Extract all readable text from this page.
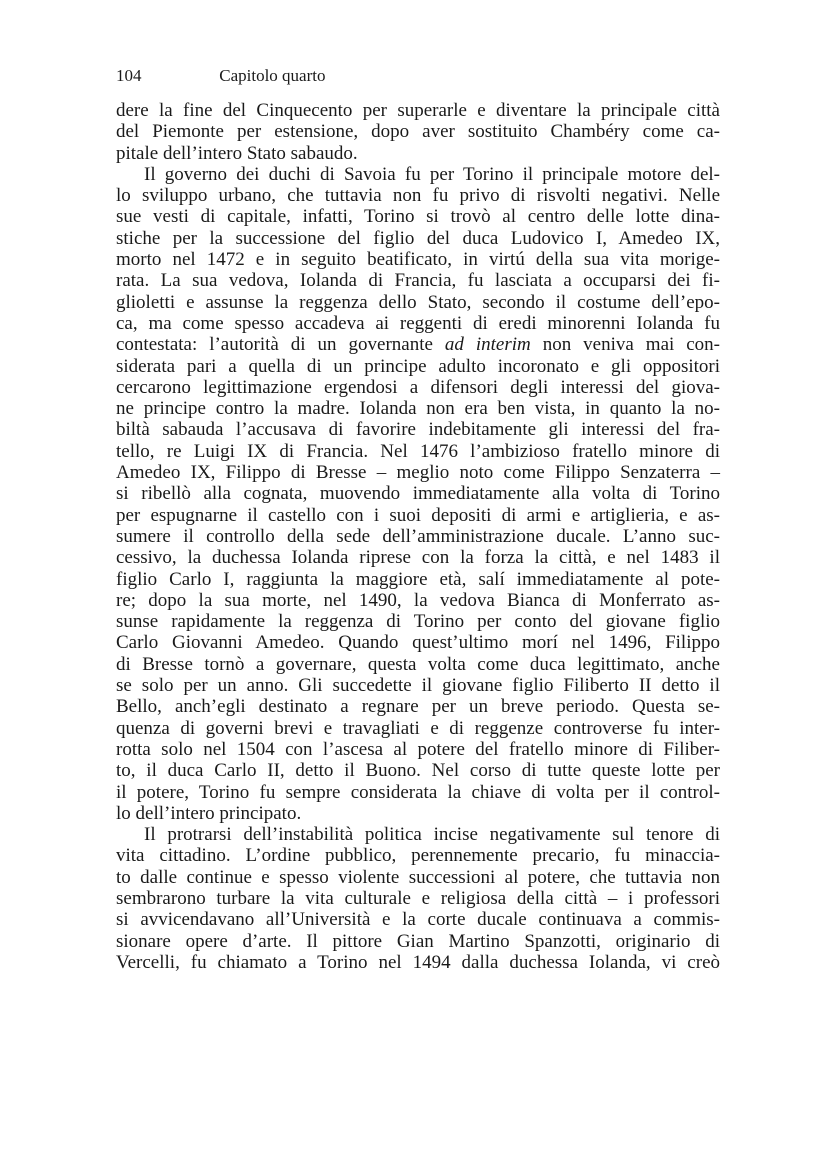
104	Capitolo quarto
dere la fine del Cinquecento per superarle e diventare la principale città
del Piemonte per estensione, dopo aver sostituito Chambéry come ca-
pitale dell’intero Stato sabaudo.
Il governo dei duchi di Savoia fu per Torino il principale motore del-
lo sviluppo urbano, che tuttavia non fu privo di risvolti negativi. Nelle
sue vesti di capitale, infatti, Torino si trovò al centro delle lotte dina-
stiche per la successione del figlio del duca Ludovico I, Amedeo IX,
morto nel 1472 e in seguito beatificato, in virtú della sua vita morige-
rata. La sua vedova, Iolanda di Francia, fu lasciata a occuparsi dei fi-
glioletti e assunse la reggenza dello Stato, secondo il costume dell’epo-
ca, ma come spesso accadeva ai reggenti di eredi minorenni Iolanda fu
contestata: l’autorità di un governante ad interim non veniva mai con-
siderata pari a quella di un principe adulto incoronato e gli oppositori
cercarono legittimazione ergendosi a difensori degli interessi del giova-
ne principe contro la madre. Iolanda non era ben vista, in quanto la no-
biltà sabauda l’accusava di favorire indebitamente gli interessi del fra-
tello, re Luigi IX di Francia. Nel 1476 l’ambizioso fratello minore di
Amedeo IX, Filippo di Bresse – meglio noto come Filippo Senzaterra –
si ribellò alla cognata, muovendo immediatamente alla volta di Torino
per espugnarne il castello con i suoi depositi di armi e artiglieria, e as-
sumere il controllo della sede dell’amministrazione ducale. L’anno suc-
cessivo, la duchessa Iolanda riprese con la forza la città, e nel 1483 il
figlio Carlo I, raggiunta la maggiore età, salí immediatamente al pote-
re; dopo la sua morte, nel 1490, la vedova Bianca di Monferrato as-
sunse rapidamente la reggenza di Torino per conto del giovane figlio
Carlo Giovanni Amedeo. Quando quest’ultimo morí nel 1496, Filippo
di Bresse tornò a governare, questa volta come duca legittimato, anche
se solo per un anno. Gli succedette il giovane figlio Filiberto II detto il
Bello, anch’egli destinato a regnare per un breve periodo. Questa se-
quenza di governi brevi e travagliati e di reggenze controverse fu inter-
rotta solo nel 1504 con l’ascesa al potere del fratello minore di Filiber-
to, il duca Carlo II, detto il Buono. Nel corso di tutte queste lotte per
il potere, Torino fu sempre considerata la chiave di volta per il control-
lo dell’intero principato.
Il protrarsi dell’instabilità politica incise negativamente sul tenore di
vita cittadino. L’ordine pubblico, perennemente precario, fu minaccia-
to dalle continue e spesso violente successioni al potere, che tuttavia non
sembrarono turbare la vita culturale e religiosa della città – i professori
si avvicendavano all’Università e la corte ducale continuava a commis-
sionare opere d’arte. Il pittore Gian Martino Spanzotti, originario di
Vercelli, fu chiamato a Torino nel 1494 dalla duchessa Iolanda, vi creò
